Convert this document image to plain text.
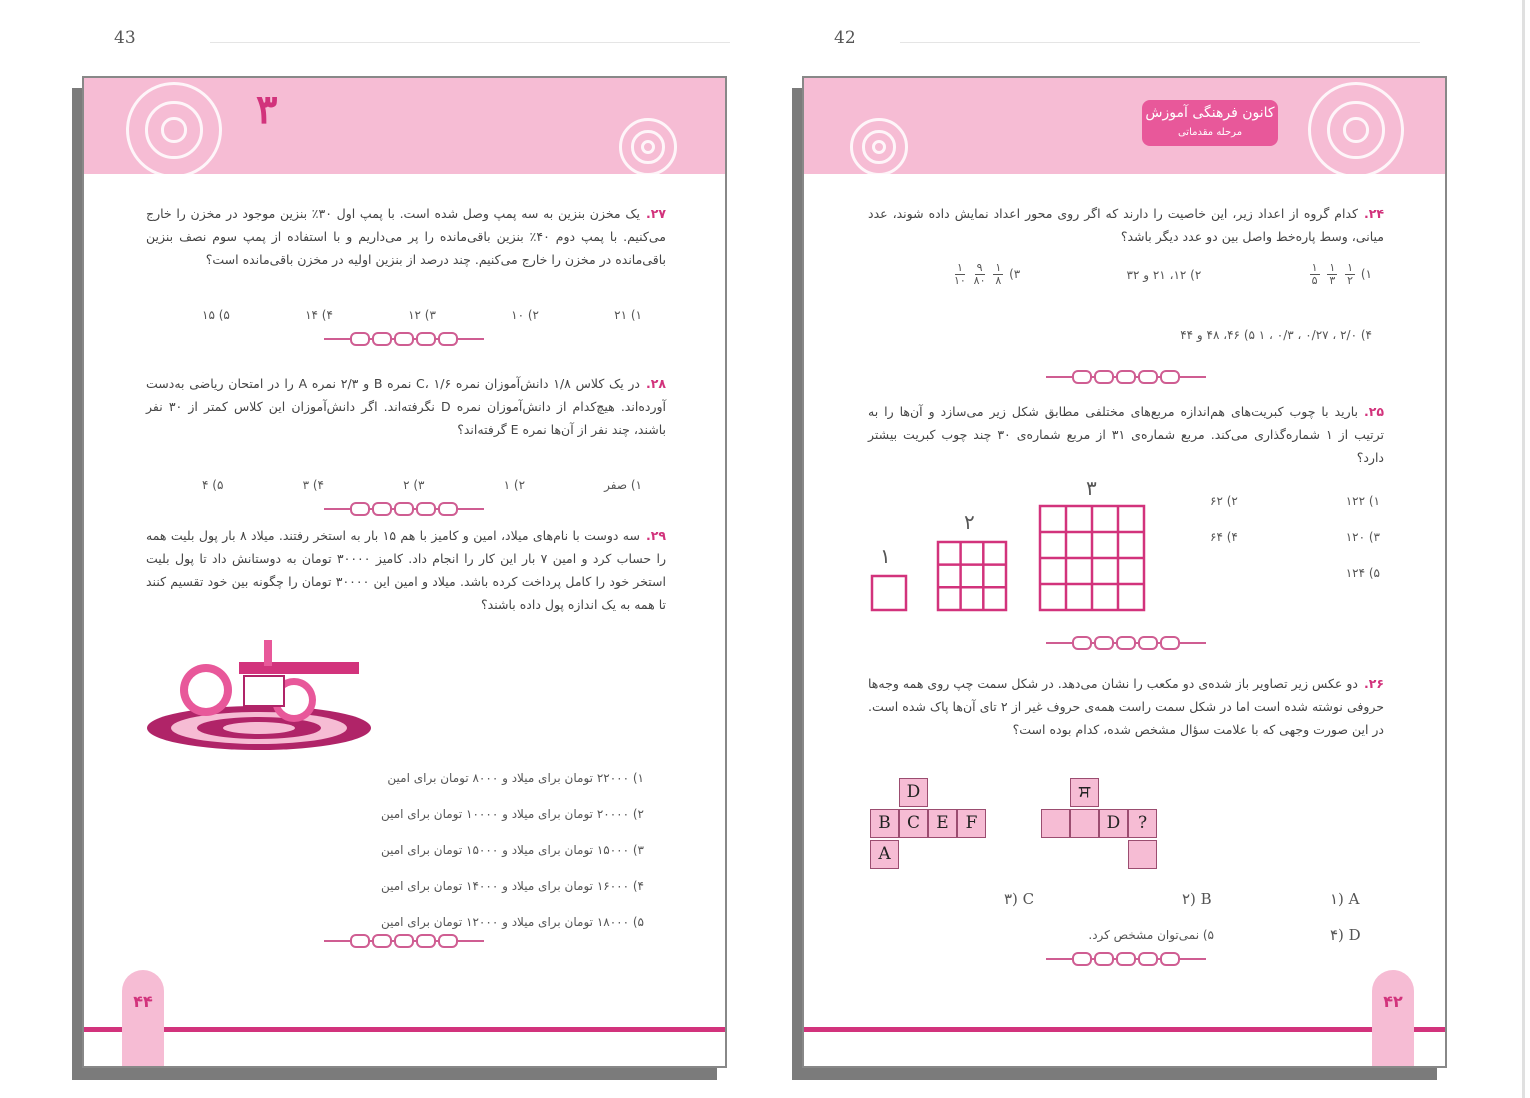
43	42
٣
۲۷.یک مخزن بنزین به سه پمپ وصل شده است. با پمپ اول ۳۰٪ بنزین موجود در مخزن را خارج می‌کنیم. با پمپ دوم ۴۰٪ بنزین باقی‌مانده را پر می‌داریم و با استفاده از پمپ سوم نصف بنزین باقی‌مانده در مخزن را خارج می‌کنیم. چند درصد از بنزین اولیه در مخزن باقی‌مانده است؟
۱) ۲۱
۲) ۱۰
۳) ۱۲
۴) ۱۴
۵) ۱۵
۲۸.در یک کلاس ۱/۸ دانش‌آموزان نمره C، ۱/۶ نمره B و ۲/۳ نمره A را در امتحان ریاضی به‌دست آورده‌اند. هیچ‌کدام از دانش‌آموزان نمره D نگرفته‌اند. اگر دانش‌آموزان این کلاس کمتر از ۳۰ نفر باشند، چند نفر از آن‌ها نمره E گرفته‌اند؟
۱) صفر
۲) ۱
۳) ۲
۴) ۳
۵) ۴
۲۹.سه دوست با نام‌های میلاد، امین و کامیز با هم ۱۵ بار به استخر رفتند. میلاد ۸ بار پول بلیت همه را حساب کرد و امین ۷ بار این کار را انجام داد. کامیز ۳۰۰۰۰ تومان به دوستانش داد تا پول بلیت استخر خود را کامل پرداخت کرده باشد. میلاد و امین این ۳۰۰۰۰ تومان را چگونه بین خود تقسیم کنند تا همه به یک اندازه پول داده باشند؟
۱) ۲۲۰۰۰ تومان برای میلاد و ۸۰۰۰ تومان برای امین
۲) ۲۰۰۰۰ تومان برای میلاد و ۱۰۰۰۰ تومان برای امین
۳) ۱۵۰۰۰ تومان برای میلاد و ۱۵۰۰۰ تومان برای امین
۴) ۱۶۰۰۰ تومان برای میلاد و ۱۴۰۰۰ تومان برای امین
۵) ۱۸۰۰۰ تومان برای میلاد و ۱۲۰۰۰ تومان برای امین
۴۴
کانون فرهنگی آموزش
مرحله مقدماتی
۲۴.کدام گروه از اعداد زیر، این خاصیت را دارند که اگر روی محور اعداد نمایش داده شوند، عدد میانی، وسط پاره‌خط واصل بین دو عدد دیگر باشد؟
۱)
$\frac{۱}{۲}$

$\frac{۱}{۳}$

$\frac{۱}{۵}$
۲) ۱۲، ۲۱ و ۳۲
۳)
$\frac{۱}{۸}$

$\frac{۹}{۸۰}$

$\frac{۱}{۱۰}$
۴) ۲/۰ ، ۰/۲۷ ، ۰/۳ ، ۱ ۵) ۴۶، ۴۸ و ۴۴
۲۵.بارید با چوب کبریت‌های هم‌اندازه مربع‌های مختلفی مطابق شکل زیر می‌سازد و آن‌ها را به ترتیب از ۱ شماره‌گذاری می‌کند. مربع شماره‌ی ۳۱ از مربع شماره‌ی ۳۰ چند چوب کبریت بیشتر دارد؟
۱
۲
۳
۱) ۱۲۲
۲) ۶۲
۳) ۱۲۰
۴) ۶۴
۵) ۱۲۴
۲۶.دو عکس زیر تصاویر باز شده‌ی دو مکعب را نشان می‌دهد. در شکل سمت چپ روی همه وجه‌ها حروفی نوشته شده است اما در شکل سمت راست همه‌ی حروف غیر از ۲ تای آن‌ها پاک شده است. در این صورت وجهی که با علامت سؤال مشخص شده، کدام بوده است؟
D
B C E F
A
ਸ
D	?
۱) A
۲) B
۳) C
۴) D
۵) نمی‌توان مشخص کرد.
۴۲
